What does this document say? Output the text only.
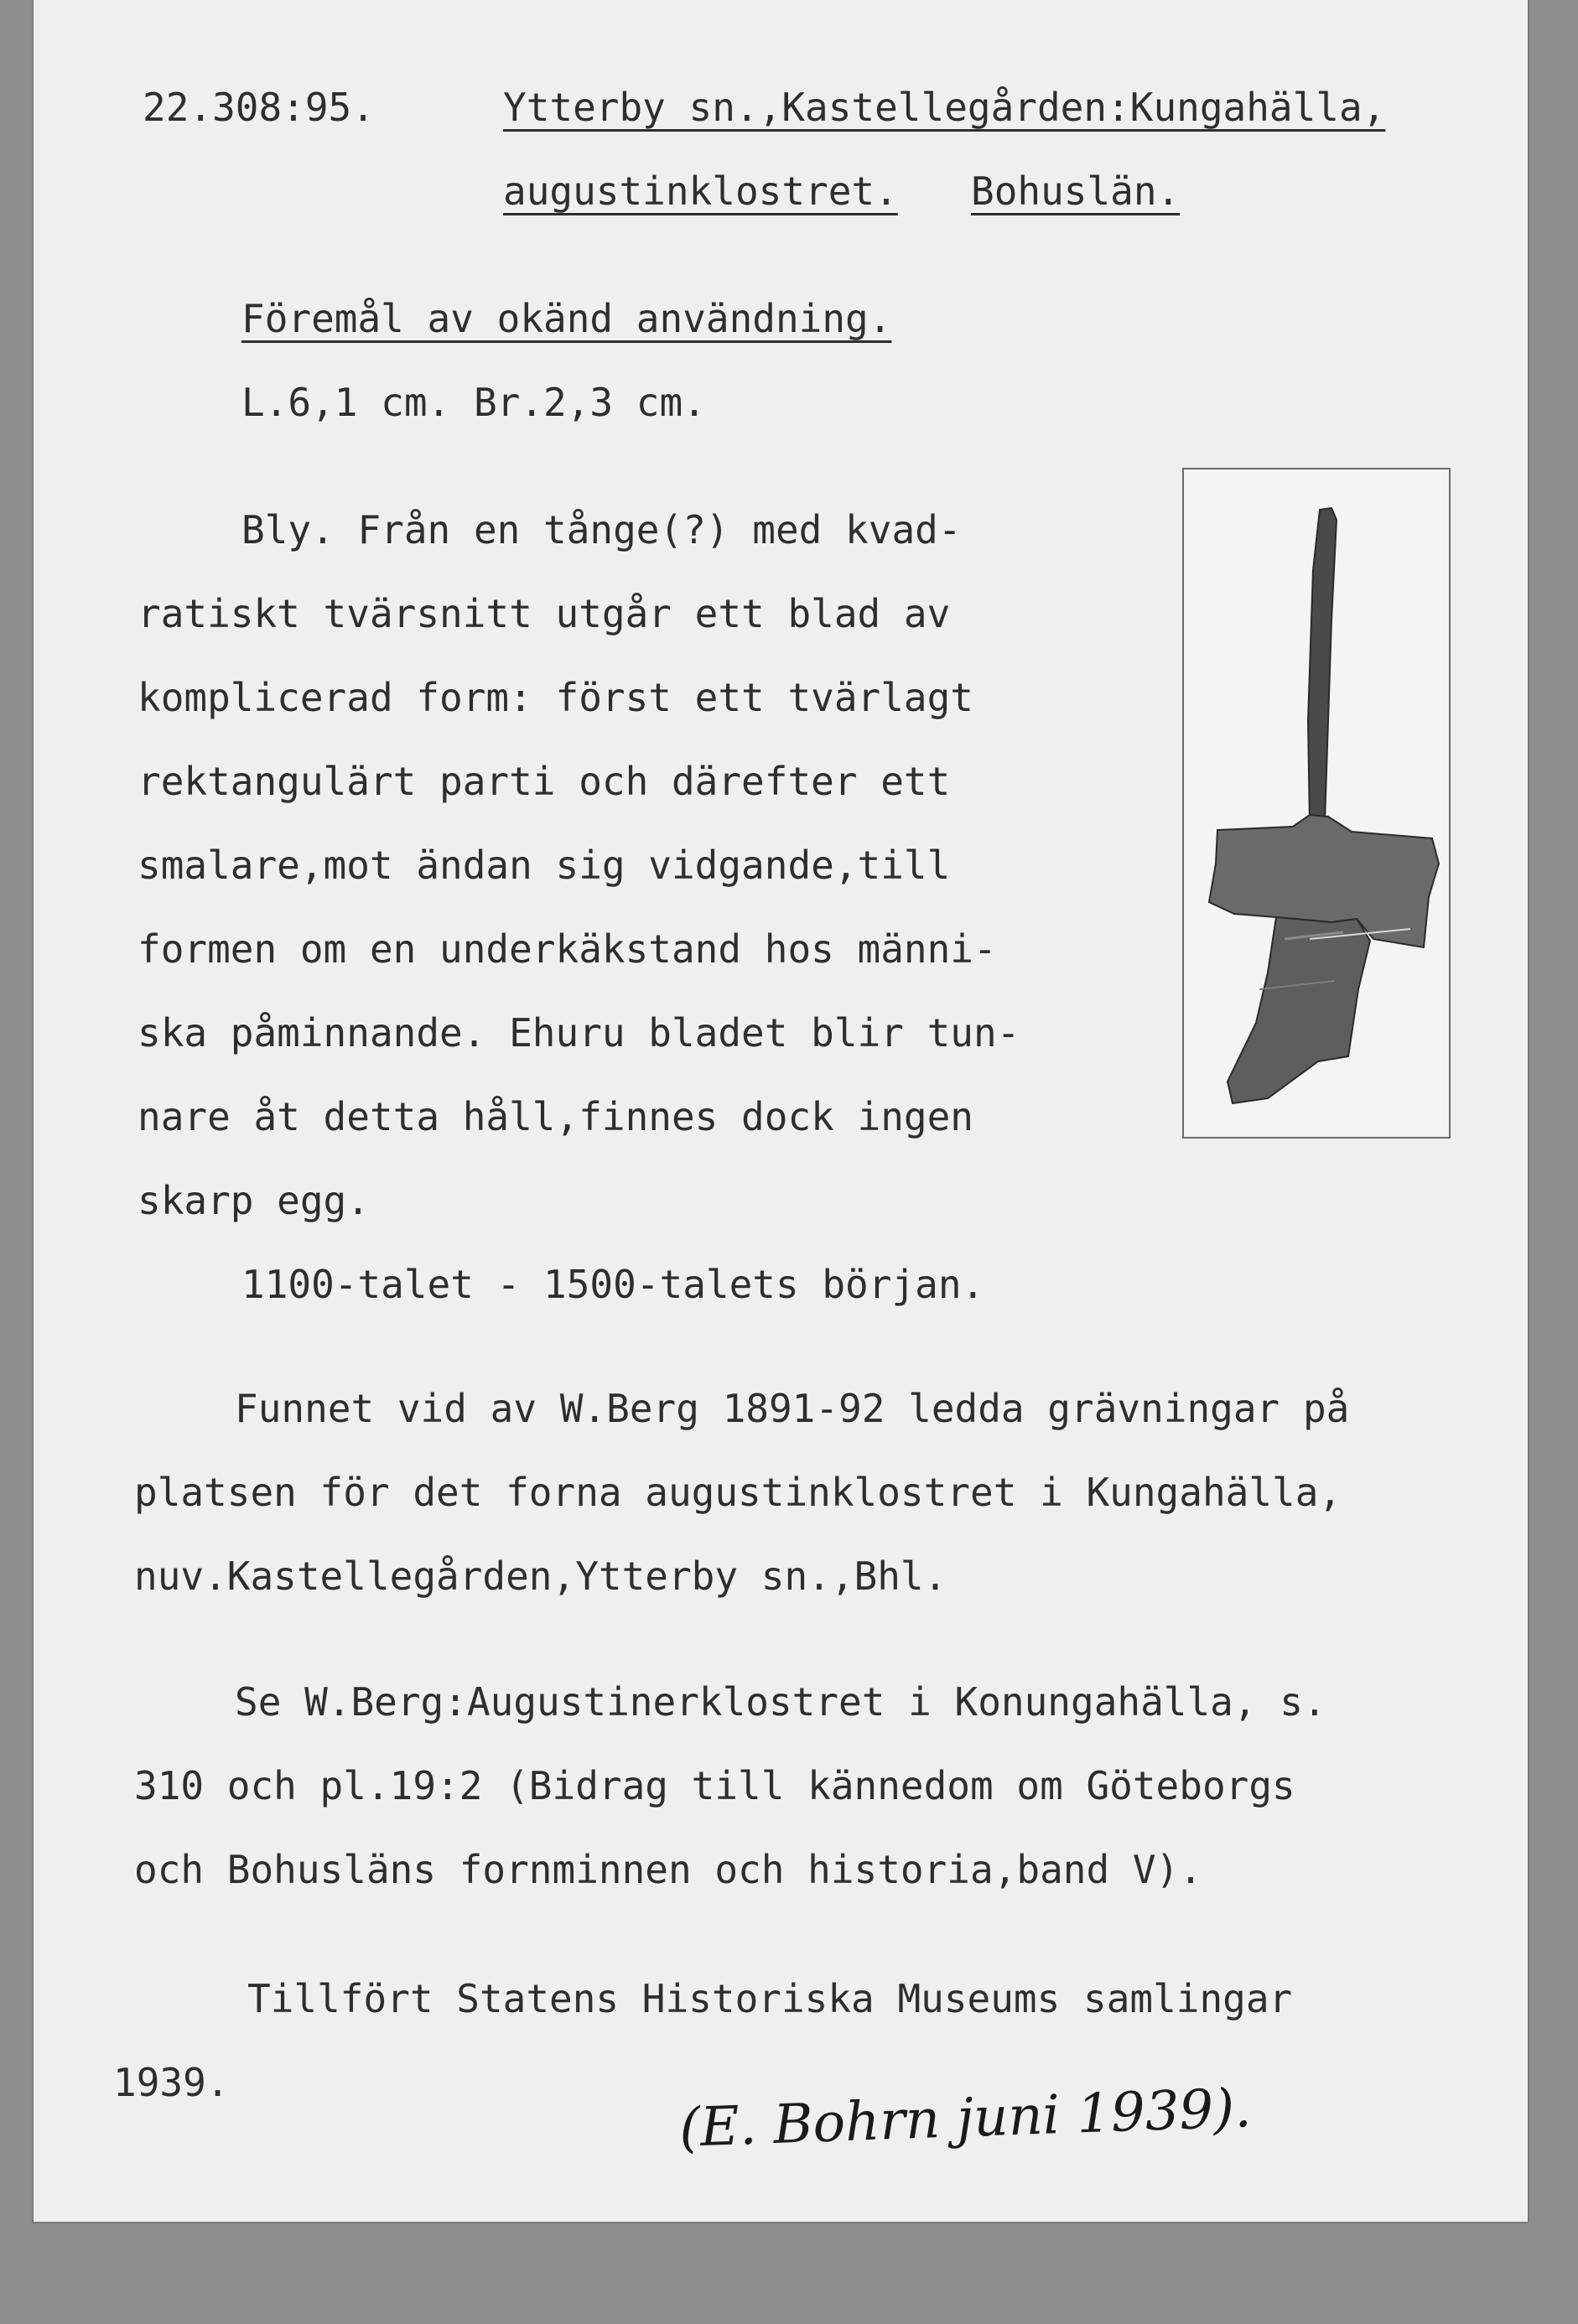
22.308:95.	Ytterby sn.,Kastellegården:Kungahälla,

augustinklostret. Bohuslän.

Föremål av okänd användning.

L.6,1 cm. Br.2,3 cm.

Bly. Från en tånge(?) med kvad-

ratiskt tvärsnitt utgår ett blad av

komplicerad form: först ett tvärlagt

rektangulärt parti och därefter ett

smalare,mot ändan sig vidgande,till

formen om en underkäkstand hos männi-

ska påminnande. Ehuru bladet blir tun-

nare åt detta håll,finnes dock ingen

skarp egg.

1100-talet - 1500-talets början.

Funnet vid av W.Berg 1891-92 ledda grävningar på

platsen för det forna augustinklostret i Kungahälla,

nuv.Kastellegården,Ytterby sn.,Bhl.

Se W.Berg:Augustinerklostret i Konungahälla, s.

310 och pl.19:2 (Bidrag till kännedom om Göteborgs

och Bohusläns fornminnen och historia,band V).

Tillfört Statens Historiska Museums samlingar

1939.	(E. Bohrn juni 1939).
